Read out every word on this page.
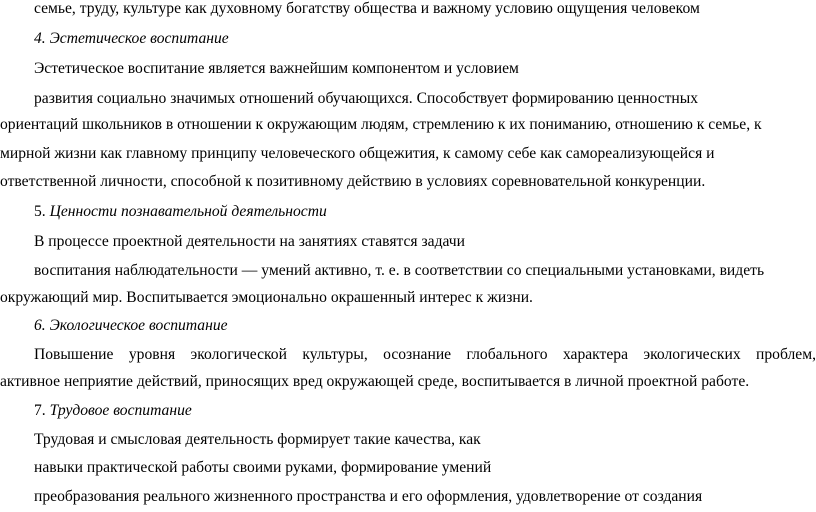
семье, труду, культуре как духовному богатству общества и важному условию ощущения человеком
4. Эстетическое воспитание
Эстетическое воспитание является важнейшим компонентом и условием
развития социально значимых отношений обучающихся. Способствует формированию ценностных
ориентаций школьников в отношении к окружающим людям, стремлению к их пониманию, отношению к семье, к
мирной жизни как главному принципу человеческого общежития, к самому себе как самореализующейся и
ответственной личности, способной к позитивному действию в условиях соревновательной конкуренции.
5. Ценности познавательной деятельности
В процессе проектной деятельности на занятиях ставятся задачи
воспитания наблюдательности — умений активно, т. е. в соответствии со специальными установками, видеть
окружающий мир. Воспитывается эмоционально окрашенный интерес к жизни.
6. Экологическое воспитание
Повышение уровня экологической культуры, осознание глобального характера экологических проблем,
активное неприятие действий, приносящих вред окружающей среде, воспитывается в личной проектной работе.
7. Трудовое воспитание
Трудовая и смысловая деятельность формирует такие качества, как
навыки практической работы своими руками, формирование умений
преобразования реального жизненного пространства и его оформления, удовлетворение от создания
